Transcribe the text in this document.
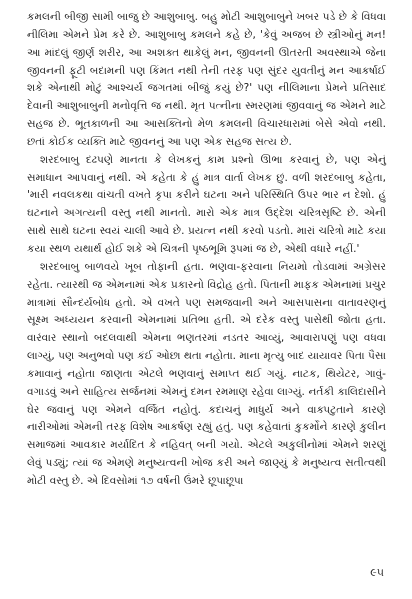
કમલની બીજી સામી બાજુ છે આશુબાબુ. બહુ મોટી આશુબાબુને ખબર પડે છે કે વિધવા નીલિમા એમને પ્રેમ કરે છે. આશુબાબુ કમલને કહે છે, 'કેવું અજબ છે સ્ત્રીઓનું મન! આ માંદલું જીર્ણ શરીર, આ અશક્ત થાકેલું મન, જીવનની ઊતરતી અવસ્થાએ જેના જીવનની ફૂટી બદામની પણ કિંમત નથી તેની તરફ પણ સુંદર યુવતીનું મન આકર્ષાઈ શકે એનાથી મોટું આશ્ચર્ય જગતમાં બીજું કયું છે?' પણ નીલિમાના પ્રેમને પ્રતિસાદ દેવાની આશુબાબુની મનોવૃત્તિ જ નથી. મૃત પત્નીના સ્મરણમાં જીવવાનું જ એમને માટે સહજ છે. ભૂતકાળની આ આસક્તિનો મેળ કમલની વિચારધારામાં બેસે એવો નથી. છતાં કોઈક વ્યક્તિ માટે જીવનનું આ પણ એક સહજ સત્ય છે.

શરદબાબુ દઢપણે માનતા કે લેખકનું કામ પ્રશ્નો ઊભા કરવાનું છે, પણ એનું સમાધાન આપવાનું નથી. એ કહેતા કે હું માત્ર વાર્તા લેખક છું. વળી શરદબાબુ કહેતા, 'મારી નવલકથા વાંચતી વખતે કૃપા કરીને ઘટના અને પરિસ્થિતિ ઉપર ભાર ન દેશો. હું ઘટનાને અગત્યની વસ્તુ નથી માનતો. મારો એક માત્ર ઉદ્દેશ ચરિત્રસૃષ્ટિ છે. એની સાથે સાથે ઘટના સ્વયં ચાલી આવે છે. પ્રયત્ન નથી કરવો પડતો. મારાં ચરિત્રો માટે કયા કયા સ્થળ યથાર્થ હોઈ શકે એ ચિત્રની પૃષ્ઠભૂમિ રૂપમાં જ છે, એથી વધારે નહીં.'

શરદબાબુ બાળવયે ખૂબ તોફાની હતા. ભણવા-ફરવાના નિયમો તોડવામાં અગ્રેસર રહેતા. ત્યારથી જ એમનામાં એક પ્રકારનો વિદ્રોહ હતો. પિતાની માફક એમનામાં પ્રચુર માત્રામાં સૌન્દર્યબોધ હતો. એ વખતે પણ સમજવાની અને આસપાસના વાતાવરણનું સૂક્ષ્મ અધ્યયન કરવાની એમનામાં પ્રતિભા હતી. એ દરેક વસ્તુ પાસેથી જોતા હતા. વારંવાર સ્થાનો બદલવાથી એમના ભણતરમાં નડતર આવ્યું, આવારાપણું પણ વધવા લાગ્યું, પણ અનુભવો પણ કંઈ ઓછા થતા નહોતા. માના મૃત્યુ બાદ યાયાવર પિતા પૈસા કમાવાનું નહોતા જાણતા એટલે ભણવાનું સમાપ્ત થઈ ગયું. નાટક, થિયેટર, ગાવું-વગાડવું અને સાહિત્ય સર્જનમાં એમનું દમન રમમાણ રહેવા લાગ્યું. નર્તકી કાલિદાસીને ઘેર જવાનું પણ એમને વર્જિત નહોતું. કદાચનું માધુર્ય અને વાક્પટુતાને કારણે નારીઓમાં એમની તરફ વિશેષ આકર્ષણ રહ્યું હતું. પણ કહેવાતાં કુકર્મોને કારણે કુલીન સમાજમાં આવકાર મર્યાદિત કે નહિવત્ બની ગયો. એટલે અકુલીનોમાં એમને શરણું લેવું પડ્યું; ત્યાં જ એમણે મનુષ્યત્વની ખોજ કરી અને જાણ્યું કે મનુષ્યત્વ સતીત્વથી મોટી વસ્તુ છે. એ દિવસોમાં ૧૭ વર્ષની ઉંમરે છૂપાછૂપા

૯૫
